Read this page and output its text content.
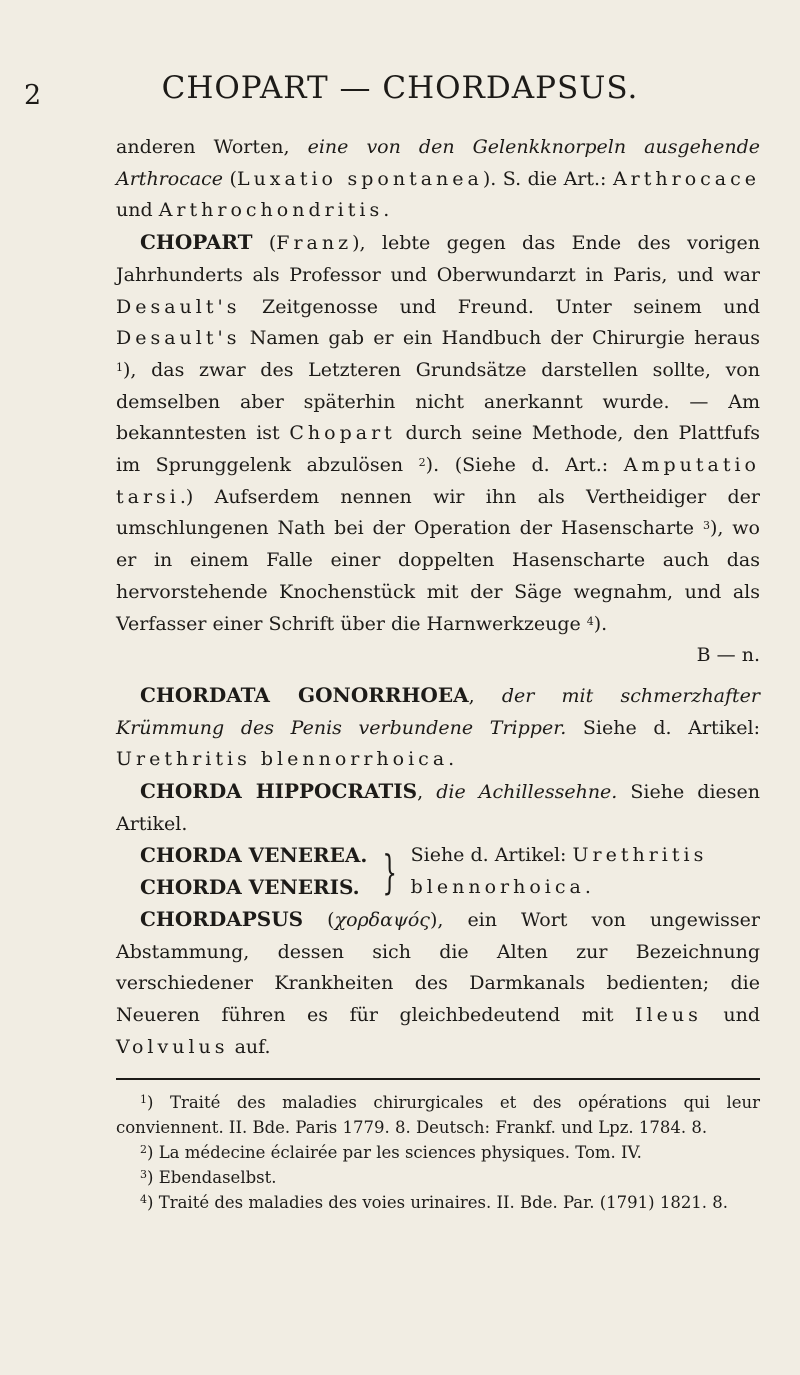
2	CHOPART — CHORDAPSUS.

anderen Worten, eine von den Gelenkknorpeln ausgehende Arthrocace (Luxatio spontanea). S. die Art.: Arthrocace und Arthrochondritis.

CHOPART (Franz), lebte gegen das Ende des vorigen Jahrhunderts als Professor und Oberwundarzt in Paris, und war Desault's Zeitgenosse und Freund. Unter seinem und Desault's Namen gab er ein Handbuch der Chirurgie heraus $^1$), das zwar des Letzteren Grundsätze darstellen sollte, von demselben aber späterhin nicht anerkannt wurde. — Am bekanntesten ist Chopart durch seine Methode, den Plattfufs im Sprunggelenk abzulösen $^2$). (Siehe d. Art.: Amputatio tarsi.) Aufserdem nennen wir ihn als Vertheidiger der umschlungenen Nath bei der Operation der Hasenscharte $^3$), wo er in einem Falle einer doppelten Hasenscharte auch das hervorstehende Knochenstück mit der Säge wegnahm, und als Verfasser einer Schrift über die Harnwerkzeuge $^4$).

B — n.

CHORDATA GONORRHOEA, der mit schmerzhafter Krümmung des Penis verbundene Tripper. Siehe d. Artikel: Urethritis blennorrhoica.

CHORDA HIPPOCRATIS, die Achillessehne. Siehe diesen Artikel.

CHORDA VENEREA.
CHORDA VENERIS. } Siehe d. Artikel: Urethritis
blennorhoica.

CHORDAPSUS (χορδαψός), ein Wort von ungewisser Abstammung, dessen sich die Alten zur Bezeichnung verschiedener Krankheiten des Darmkanals bedienten; die Neueren führen es für gleichbedeutend mit Ileus und Volvulus auf.

$^1$) Traité des maladies chirurgicales et des opérations qui leur conviennent. II. Bde. Paris 1779. 8. Deutsch: Frankf. und Lpz. 1784. 8.

$^2$) La médecine éclairée par les sciences physiques. Tom. IV.

$^3$) Ebendaselbst.

$^4$) Traité des maladies des voies urinaires. II. Bde. Par. (1791) 1821. 8.
